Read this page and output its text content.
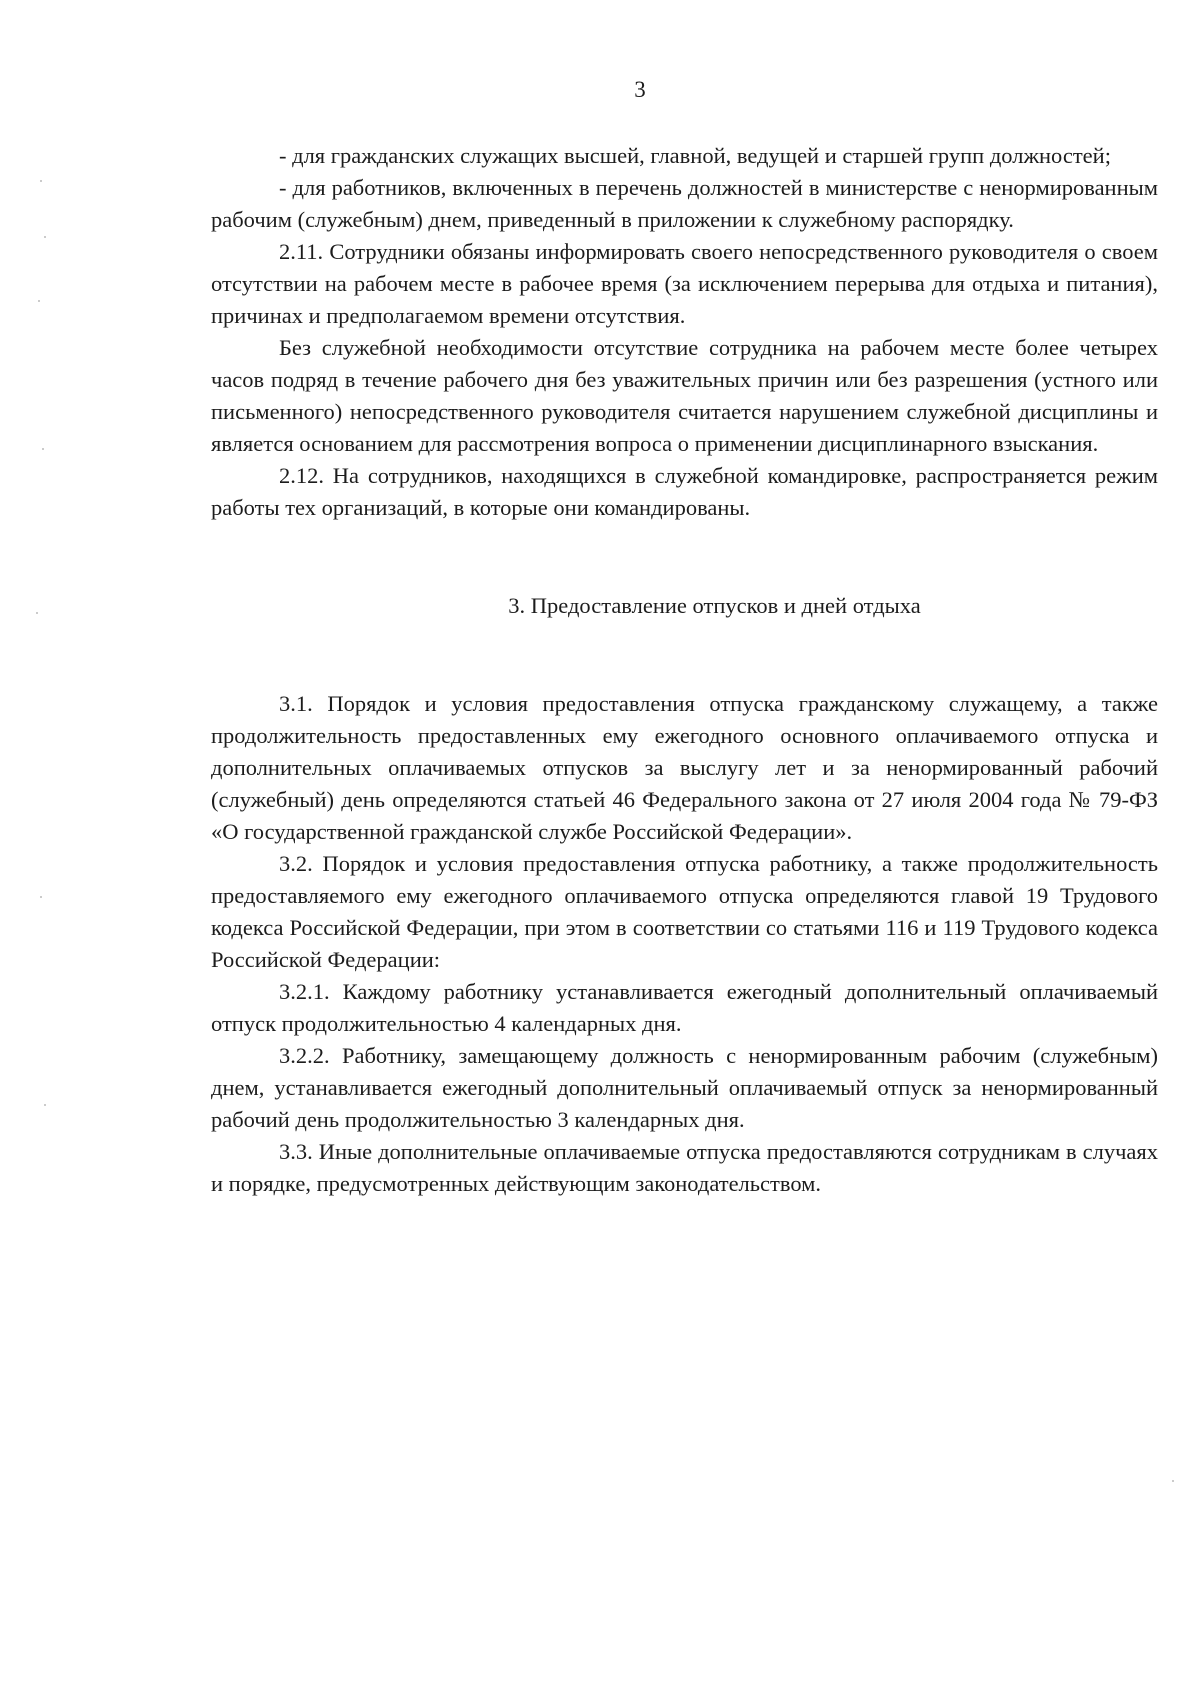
3

- для гражданских служащих высшей, главной, ведущей и старшей групп должностей;

- для работников, включенных в перечень должностей в министерстве с ненормированным рабочим (служебным) днем, приведенный в приложении к служебному распорядку.

2.11. Сотрудники обязаны информировать своего непосредственного руководителя о своем отсутствии на рабочем месте в рабочее время (за исключением перерыва для отдыха и питания), причинах и предполагаемом времени отсутствия.

Без служебной необходимости отсутствие сотрудника на рабочем месте более четырех часов подряд в течение рабочего дня без уважительных причин или без разрешения (устного или письменного) непосредственного руководителя считается нарушением служебной дисциплины и является основанием для рассмотрения вопроса о применении дисциплинарного взыскания.

2.12. На сотрудников, находящихся в служебной командировке, распространяется режим работы тех организаций, в которые они командированы.

3. Предоставление отпусков и дней отдыха

3.1. Порядок и условия предоставления отпуска гражданскому служащему, а также продолжительность предоставленных ему ежегодного основного оплачиваемого отпуска и дополнительных оплачиваемых отпусков за выслугу лет и за ненормированный рабочий (служебный) день определяются статьей 46 Федерального закона от 27 июля 2004 года № 79-ФЗ «О государственной гражданской службе Российской Федерации».

3.2. Порядок и условия предоставления отпуска работнику, а также продолжительность предоставляемого ему ежегодного оплачиваемого отпуска определяются главой 19 Трудового кодекса Российской Федерации, при этом в соответствии со статьями 116 и 119 Трудового кодекса Российской Федерации:

3.2.1. Каждому работнику устанавливается ежегодный дополнительный оплачиваемый отпуск продолжительностью 4 календарных дня.

3.2.2. Работнику, замещающему должность с ненормированным рабочим (служебным) днем, устанавливается ежегодный дополнительный оплачиваемый отпуск за ненормированный рабочий день продолжительностью 3 календарных дня.

3.3. Иные дополнительные оплачиваемые отпуска предоставляются сотрудникам в случаях и порядке, предусмотренных действующим законодательством.
